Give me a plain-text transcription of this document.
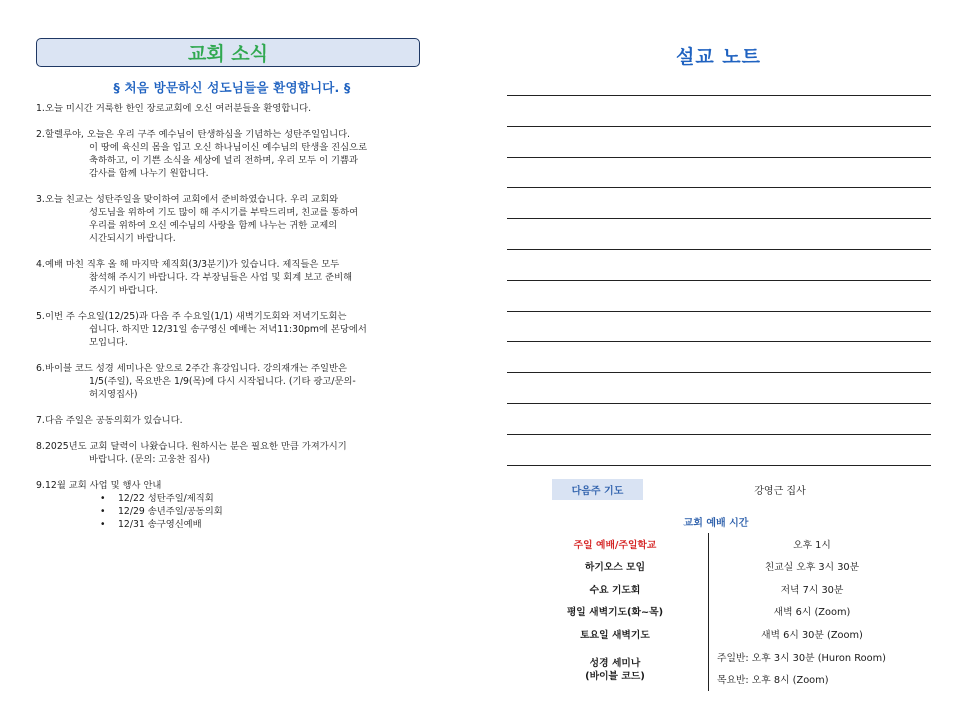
교회 소식
§ 처음 방문하신 성도님들을 환영합니다. §
1. 오늘 미시간 거룩한 한인 장로교회에 오신 여러분들을 환영합니다.
2. 할렐루야, 오늘은 우리 구주 예수님이 탄생하심을 기념하는 성탄주일입니다.
이 땅에 육신의 몸을 입고 오신 하나님이신 예수님의 탄생을 진심으로
축하하고, 이 기쁜 소식을 세상에 널리 전하며, 우리 모두 이 기쁨과
감사를 함께 나누기 원합니다.
3. 오늘 친교는 성탄주일을 맞이하여 교회에서 준비하였습니다. 우리 교회와
성도님을 위하여 기도 많이 해 주시기를 부탁드리며, 친교를 통하여
우리를 위하여 오신 예수님의 사랑을 함께 나누는 귀한 교제의
시간되시기 바랍니다.
4. 예배 마친 직후 올 해 마지막 제직회(3/3분기)가 있습니다. 제직들은 모두
참석해 주시기 바랍니다. 각 부장님들은 사업 및 회계 보고 준비해
주시기 바랍니다.
5. 이번 주 수요일(12/25)과 다음 주 수요일(1/1) 새벽기도회와 저녁기도회는
쉽니다. 하지만 12/31일 송구영신 예배는 저녁11:30pm에 본당에서
모입니다.
6. 바이블 코드 성경 세미나은 앞으로 2주간 휴강입니다. 강의재개는 주일반은
1/5(주일), 목요반은 1/9(목)에 다시 시작됩니다. (기타 광고/문의-
허지영집사)
7. 다음 주일은 공동의회가 있습니다.
8. 2025년도 교회 달력이 나왔습니다. 원하시는 분은 필요한 만큼 가져가시기
바랍니다. (문의: 고웅찬 집사)
9. 12월 교회 사업 및 행사 안내
• 12/22 성탄주일/제직회
• 12/29 송년주일/공동의회
• 12/31 송구영신예배
설교 노트
다음주 기도	강영근 집사
교회 예배 시간
주일 예배/주일학교	오후 1시
하기오스 모임	친교실 오후 3시 30분
수요 기도회	저녁 7시 30분
평일 새벽기도(화~목)	새벽 6시 (Zoom)
토요일 새벽기도	새벽 6시 30분 (Zoom)
성경 세미나
(바이블 코드)
주일반: 오후 3시 30분 (Huron Room)
목요반: 오후 8시 (Zoom)
